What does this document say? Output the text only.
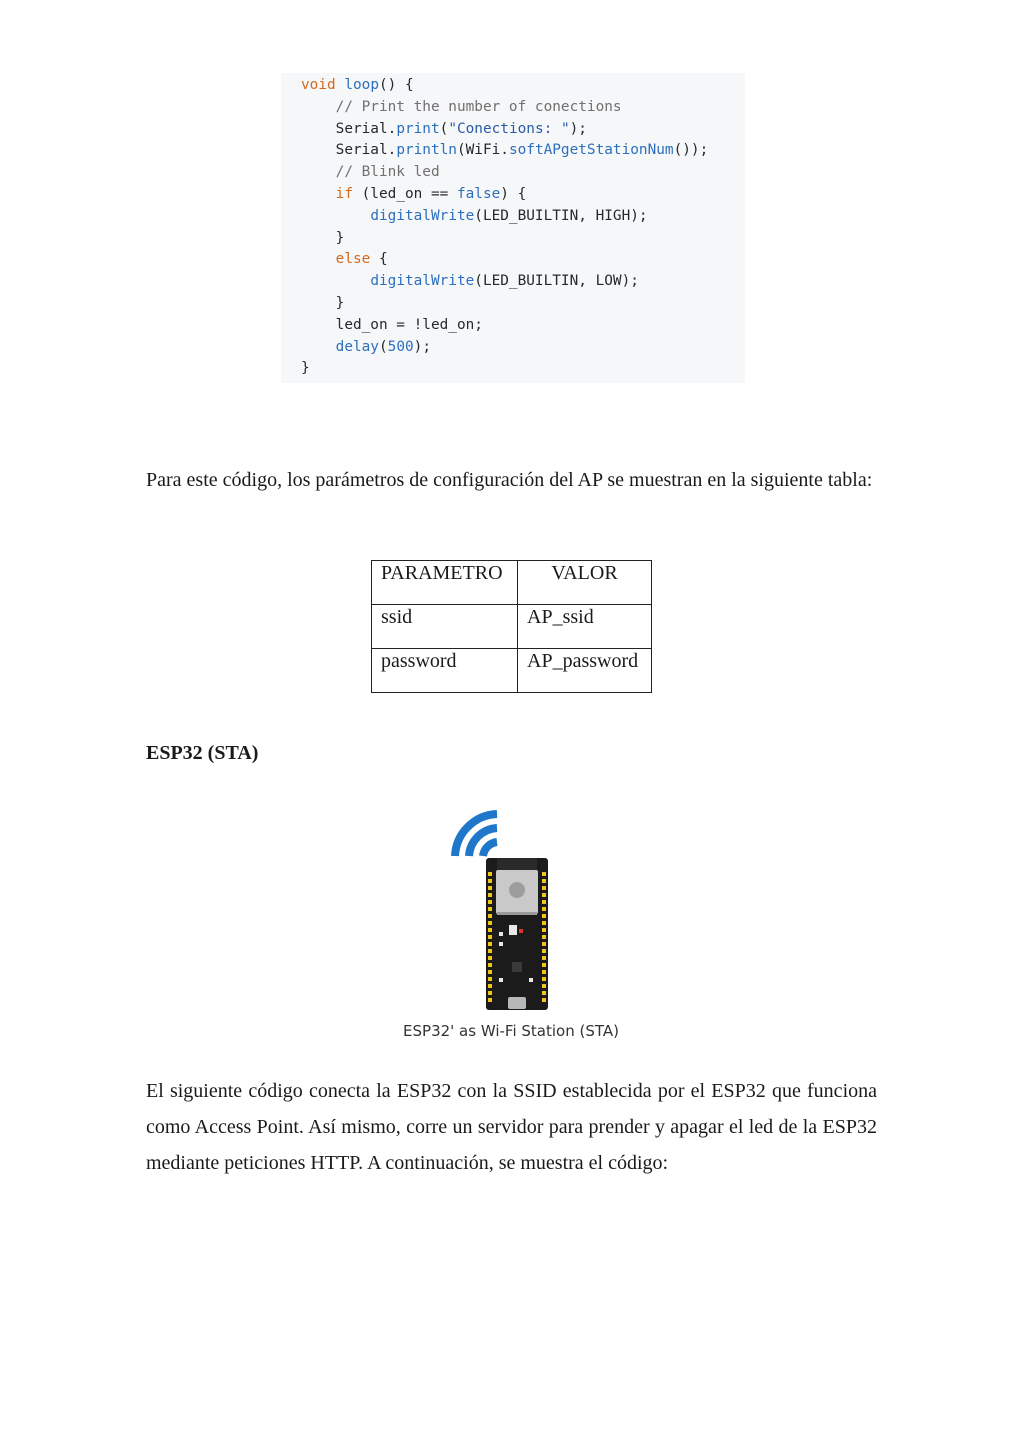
void loop() {
// Print the number of conections
Serial.print("Conections: ");
Serial.println(WiFi.softAPgetStationNum());
// Blink led
if (led_on == false) {
digitalWrite(LED_BUILTIN, HIGH);
}
else {
digitalWrite(LED_BUILTIN, LOW);
}
led_on = !led_on;
delay(500);
}

Para este código, los parámetros de configuración del AP se muestran en la siguiente tabla:

PARAMETRO	VALOR
ssid	AP_ssid
password	AP_password
ESP32 (STA)
ESP32' as Wi-Fi Station (STA)

El siguiente código conecta la ESP32 con la SSID establecida por el ESP32 que funciona como Access Point. Así mismo, corre un servidor para prender y apagar el led de la ESP32 mediante peticiones HTTP. A continuación, se muestra el código:
